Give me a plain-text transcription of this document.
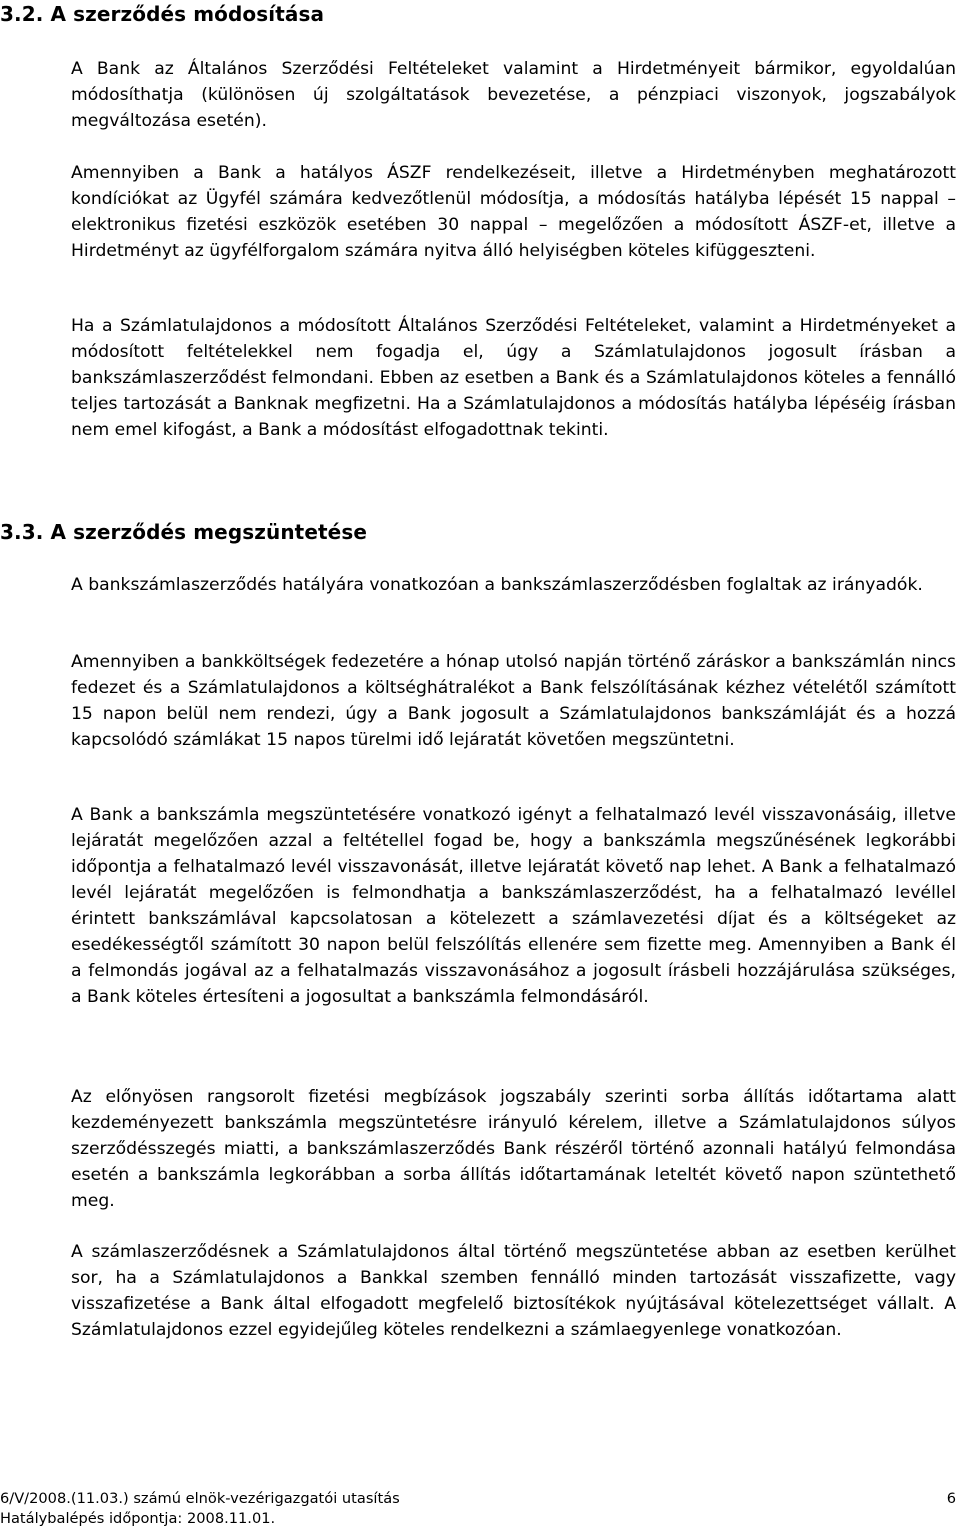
3.2. A szerződés módosítása

A Bank az Általános Szerződési Feltételeket valamint a Hirdetményeit bármikor, egyoldalúan módosíthatja (különösen új szolgáltatások bevezetése, a pénzpiaci viszonyok, jogszabályok megváltozása esetén).

Amennyiben a Bank a hatályos ÁSZF rendelkezéseit, illetve a Hirdetményben meghatározott kondíciókat az Ügyfél számára kedvezőtlenül módosítja, a módosítás hatályba lépését 15 nappal – elektronikus fizetési eszközök esetében 30 nappal – megelőzően a módosított ÁSZF-et, illetve a Hirdetményt az ügyfélforgalom számára nyitva álló helyiségben köteles kifüggeszteni.

Ha a Számlatulajdonos a módosított Általános Szerződési Feltételeket, valamint a Hirdetményeket a módosított feltételekkel nem fogadja el, úgy a Számlatulajdonos jogosult írásban a bankszámlaszerződést felmondani. Ebben az esetben a Bank és a Számlatulajdonos köteles a fennálló teljes tartozását a Banknak megfizetni. Ha a Számlatulajdonos a módosítás hatályba lépéséig írásban nem emel kifogást, a Bank a módosítást elfogadottnak tekinti.

3.3. A szerződés megszüntetése

A bankszámlaszerződés hatályára vonatkozóan a bankszámlaszerződésben foglaltak az irányadók.

Amennyiben a bankköltségek fedezetére a hónap utolsó napján történő záráskor a bankszámlán nincs fedezet és a Számlatulajdonos a költséghátralékot a Bank felszólításának kézhez vételétől számított 15 napon belül nem rendezi, úgy a Bank jogosult a Számlatulajdonos bankszámláját és a hozzá kapcsolódó számlákat 15 napos türelmi idő lejáratát követően megszüntetni.

A Bank a bankszámla megszüntetésére vonatkozó igényt a felhatalmazó levél visszavonásáig, illetve lejáratát megelőzően azzal a feltétellel fogad be, hogy a bankszámla megszűnésének legkorábbi időpontja a felhatalmazó levél visszavonását, illetve lejáratát követő nap lehet. A Bank a felhatalmazó levél lejáratát megelőzően is felmondhatja a bankszámlaszerződést, ha a felhatalmazó levéllel érintett bankszámlával kapcsolatosan a kötelezett a számlavezetési díjat és a költségeket az esedékességtől számított 30 napon belül felszólítás ellenére sem fizette meg. Amennyiben a Bank él a felmondás jogával az a felhatalmazás visszavonásához a jogosult írásbeli hozzájárulása szükséges, a Bank köteles értesíteni a jogosultat a bankszámla felmondásáról.

Az előnyösen rangsorolt fizetési megbízások jogszabály szerinti sorba állítás időtartama alatt kezdeményezett bankszámla megszüntetésre irányuló kérelem, illetve a Számlatulajdonos súlyos szerződésszegés miatti, a bankszámlaszerződés Bank részéről történő azonnali hatályú felmondása esetén a bankszámla legkorábban a sorba állítás időtartamának leteltét követő napon szüntethető meg.

A számlaszerződésnek a Számlatulajdonos által történő megszüntetése abban az esetben kerülhet sor, ha a Számlatulajdonos a Bankkal szemben fennálló minden tartozását visszafizette, vagy visszafizetése a Bank által elfogadott megfelelő biztosítékok nyújtásával kötelezettséget vállalt. A Számlatulajdonos ezzel egyidejűleg köteles rendelkezni a számlaegyenlege vonatkozóan.

6/V/2008.(11.03.) számú elnök-vezérigazgatói utasítás	6
Hatálybalépés időpontja: 2008.11.01.
